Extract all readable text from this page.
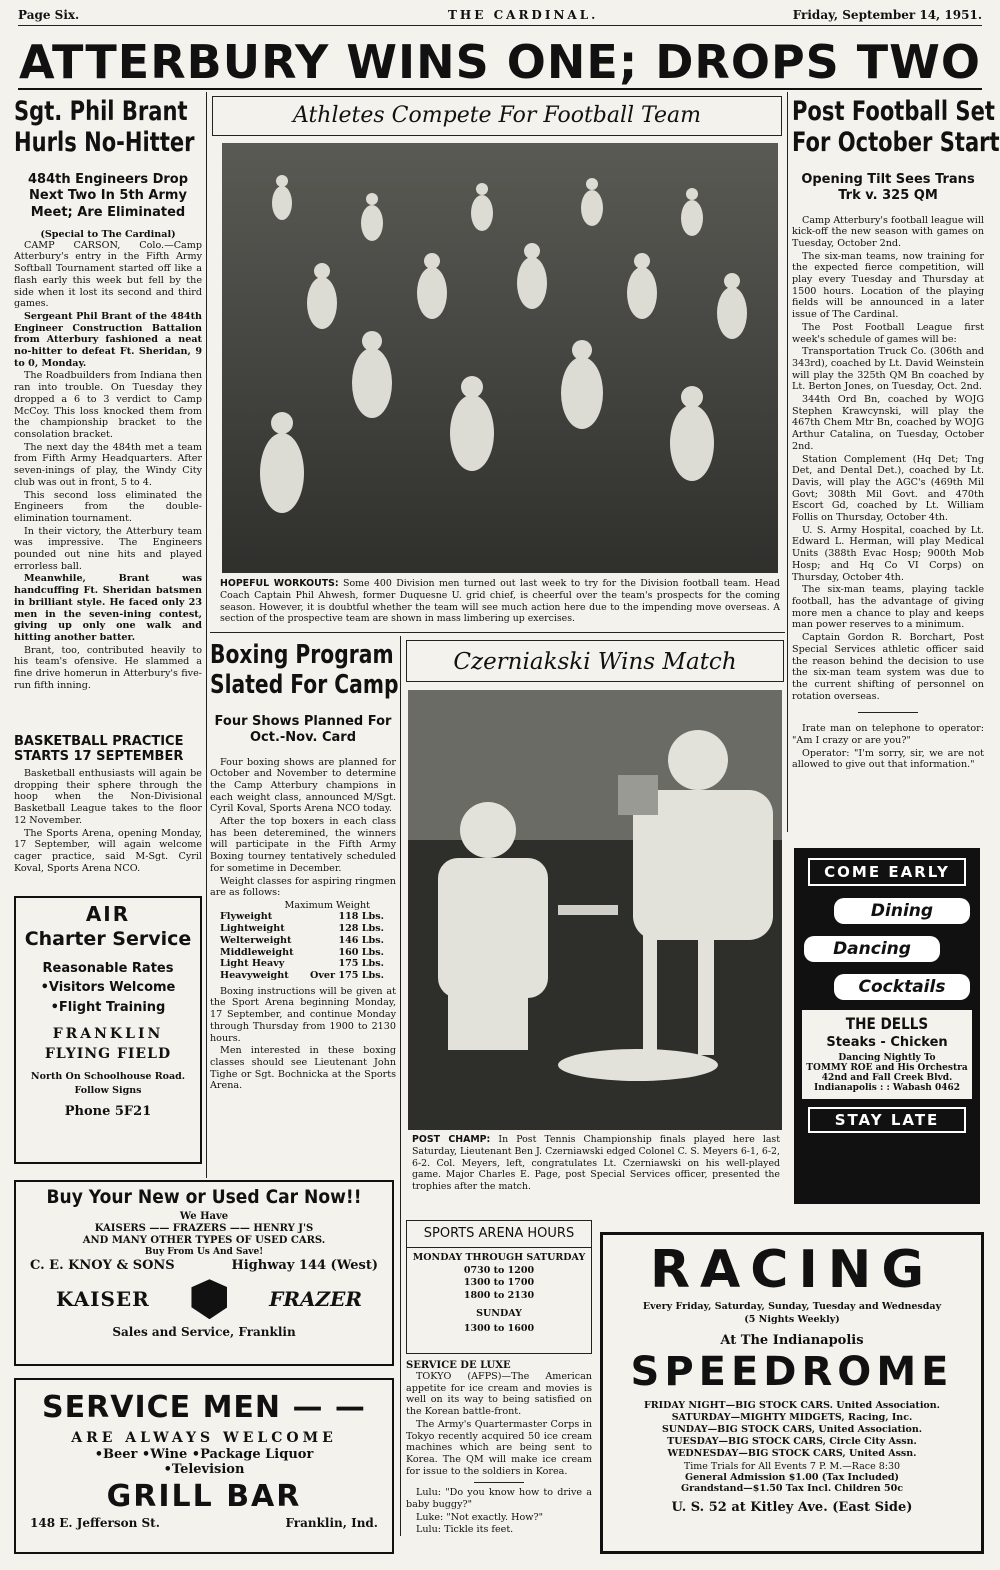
Page Six.	THE CARDINAL.	Friday, September 14, 1951.
ATTERBURY WINS ONE; DROPS TWO
Sgt. Phil Brant
Hurls No-Hitter
484th Engineers Drop Next Two In 5th Army Meet; Are Eliminated
(Special to The Cardinal)

CAMP CARSON, Colo.—Camp Atterbury's entry in the Fifth Army Softball Tournament started off like a flash early this week but fell by the side when it lost its second and third games.

Sergeant Phil Brant of the 484th Engineer Construction Battalion from Atterbury fashioned a neat no-hitter to defeat Ft. Sheridan, 9 to 0, Monday.

The Roadbuilders from Indiana then ran into trouble. On Tuesday they dropped a 6 to 3 verdict to Camp McCoy. This loss knocked them from the championship bracket to the consolation bracket.

The next day the 484th met a team from Fifth Army Headquarters. After seven-inings of play, the Windy City club was out in front, 5 to 4.

This second loss eliminated the Engineers from the double-elimination tournament.

In their victory, the Atterbury team was impressive. The Engineers pounded out nine hits and played errorless ball.

Meanwhile, Brant was handcuffing Ft. Sheridan batsmen in brilliant style. He faced only 23 men in the seven-ining contest, giving up only one walk and hitting another batter.

Brant, too, contributed heavily to his team's ofensive. He slammed a fine drive homerun in Atterbury's five-run fifth inning.

BASKETBALL PRACTICE STARTS 17 SEPTEMBER

Basketball enthusiasts will again be dropping their sphere through the hoop when the Non-Divisional Basketball League takes to the floor 12 November.

The Sports Arena, opening Monday, 17 September, will again welcome cager practice, said M-Sgt. Cyril Koval, Sports Arena NCO.

AIR
Charter Service
Reasonable Rates
•Visitors Welcome
•Flight Training
FRANKLIN
FLYING FIELD
North On Schoolhouse Road.
Follow Signs
Phone 5F21
Athletes Compete For Football Team
HOPEFUL WORKOUTS: Some 400 Division men turned out last week to try for the Division football team. Head Coach Captain Phil Ahwesh, former Duquesne U. grid chief, is cheerful over the team's prospects for the coming season. However, it is doubtful whether the team will see much action here due to the impending move overseas. A section of the prospective team are shown in mass limbering up exercises.
Boxing Program
Slated For Camp
Four Shows Planned For Oct.-Nov. Card

Four boxing shows are planned for October and November to determine the Camp Atterbury champions in each weight class, announced M/Sgt. Cyril Koval, Sports Arena NCO today.

After the top boxers in each class has been deteremined, the winners will participate in the Fifth Army Boxing tourney tentatively scheduled for sometime in December.

Weight classes for aspiring ringmen are as follows:

Maximum Weight
Flyweight	118 Lbs.
Lightweight	128 Lbs.
Welterweight	146 Lbs.
Middleweight	160 Lbs.
Light Heavy	175 Lbs.
Heavyweight	Over 175 Lbs.

Boxing instructions will be given at the Sport Arena beginning Monday, 17 September, and continue Monday through Thursday from 1900 to 2130 hours.

Men interested in these boxing classes should see Lieutenant John Tighe or Sgt. Bochnicka at the Sports Arena.

Czerniakski Wins Match
POST CHAMP: In Post Tennis Championship finals played here last Saturday, Lieutenant Ben J. Czerniawski edged Colonel C. S. Meyers 6-1, 6-2, 6-2. Col. Meyers, left, congratulates Lt. Czerniawski on his well-played game. Major Charles E. Page, post Special Services officer, presented the trophies after the match.
Post Football Set
For October Start
Opening Tilt Sees Trans Trk v. 325 QM

Camp Atterbury's football league will kick-off the new season with games on Tuesday, October 2nd.

The six-man teams, now training for the expected fierce competition, will play every Tuesday and Thursday at 1500 hours. Location of the playing fields will be announced in a later issue of The Cardinal.

The Post Football League first week's schedule of games will be:

Transportation Truck Co. (306th and 343rd), coached by Lt. David Weinstein will play the 325th QM Bn coached by Lt. Berton Jones, on Tuesday, Oct. 2nd.

344th Ord Bn, coached by WOJG Stephen Krawcynski, will play the 467th Chem Mtr Bn, coached by WOJG Arthur Catalina, on Tuesday, October 2nd.

Station Complement (Hq Det; Tng Det, and Dental Det.), coached by Lt. Davis, will play the AGC's (469th Mil Govt; 308th Mil Govt. and 470th Escort Gd, coached by Lt. William Follis on Thursday, October 4th.

U. S. Army Hospital, coached by Lt. Edward L. Herman, will play Medical Units (388th Evac Hosp; 900th Mob Hosp; and Hq Co VI Corps) on Thursday, October 4th.

The six-man teams, playing tackle football, has the advantage of giving more men a chance to play and keeps man power reserves to a minimum.

Captain Gordon R. Borchart, Post Special Services athletic officer said the reason behind the decision to use the six-man team system was due to the current shifting of personnel on rotation overseas.

Irate man on telephone to operator: "Am I crazy or are you?"

Operator: "I'm sorry, sir, we are not allowed to give out that information."

COME EARLY
Dining
Dancing
Cocktails
THE DELLS
Steaks - Chicken
Dancing Nightly To
TOMMY ROE and His Orchestra
42nd and Fall Creek Blvd.
Indianapolis : : Wabash 0462
STAY LATE
Buy Your New or Used Car Now!!
We Have
KAISERS —— FRAZERS —— HENRY J'S
AND MANY OTHER TYPES OF USED CARS.
Buy From Us And Save!
C. E. KNOY & SONS	Highway 144 (West)
KAISER	FRAZER
Sales and Service, Franklin
SERVICE MEN — —
ARE ALWAYS WELCOME
•Beer •Wine •Package Liquor
•Television
GRILL BAR
148 E. Jefferson St.	Franklin, Ind.
SPORTS ARENA HOURS
MONDAY THROUGH SATURDAY
0730 to 1200
1300 to 1700
1800 to 2130
SUNDAY
1300 to 1600
SERVICE DE LUXE

TOKYO (AFPS)—The American appetite for ice cream and movies is well on its way to being satisfied on the Korean battle-front.

The Army's Quartermaster Corps in Tokyo recently acquired 50 ice cream machines which are being sent to Korea. The QM will make ice cream for issue to the soldiers in Korea.

Lulu: "Do you know how to drive a baby buggy?"

Luke: "Not exactly. How?"

Lulu: Tickle its feet.

RACING
Every Friday, Saturday, Sunday, Tuesday and Wednesday
(5 Nights Weekly)
At The Indianapolis
SPEEDROME
FRIDAY NIGHT—BIG STOCK CARS. United Association.
SATURDAY—MIGHTY MIDGETS, Racing, Inc.
SUNDAY—BIG STOCK CARS, United Association.
TUESDAY—BIG STOCK CARS, Circle City Assn.
WEDNESDAY—BIG STOCK CARS, United Assn.
Time Trials for All Events 7 P. M.—Race 8:30
General Admission $1.00 (Tax Included)
Grandstand—$1.50 Tax Incl. Children 50c
U. S. 52 at Kitley Ave. (East Side)
